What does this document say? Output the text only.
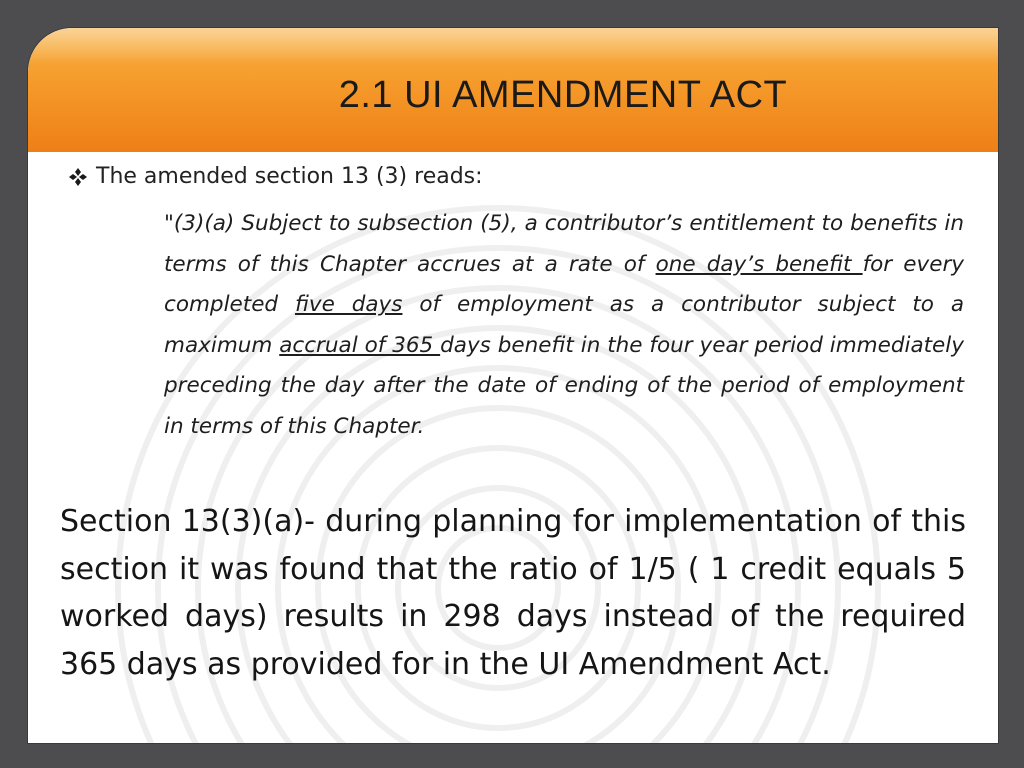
2.1 UI AMENDMENT ACT
The amended section 13 (3) reads:
"(3)(a) Subject to subsection (5), a contributor’s entitlement to benefits in terms of this Chapter accrues at a rate of one day’s benefit for every completed five days of employment as a contributor subject to a maximum accrual of 365 days benefit in the four year period immediately preceding the day after the date of ending of the period of employment in terms of this Chapter.
Section 13(3)(a)- during planning for implementation of this section it was found that the ratio of 1/5 ( 1 credit equals 5 worked days) results in 298 days instead of the required 365 days as provided for in the UI Amendment Act.
